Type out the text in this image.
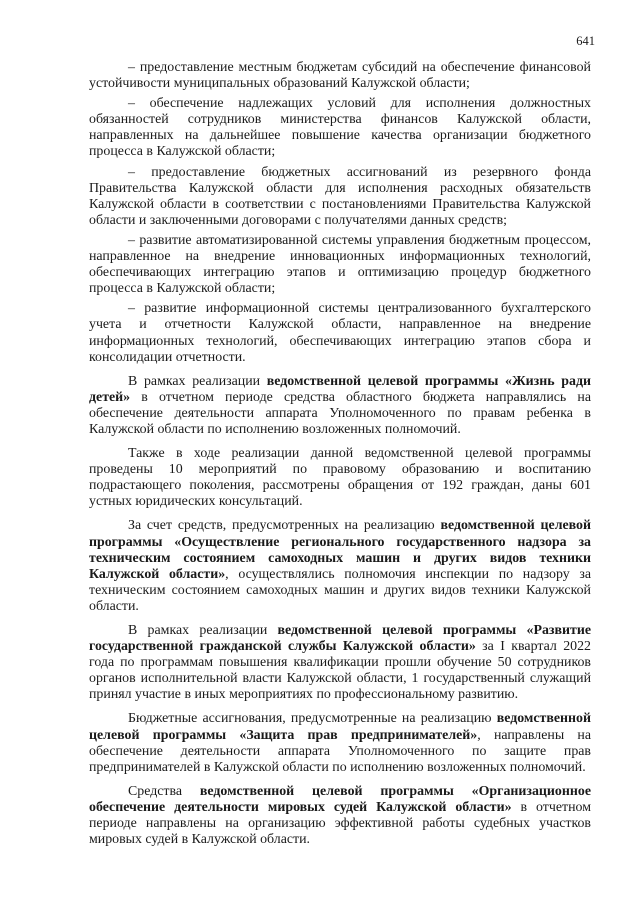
641

– предоставление местным бюджетам субсидий на обеспечение финансовой устойчивости муниципальных образований Калужской области;

– обеспечение надлежащих условий для исполнения должностных обязанностей сотрудников министерства финансов Калужской области, направленных на дальнейшее повышение качества организации бюджетного процесса в Калужской области;

– предоставление бюджетных ассигнований из резервного фонда Правительства Калужской области для исполнения расходных обязательств Калужской области в соответствии с постановлениями Правительства Калужской области и заключенными договорами с получателями данных средств;

– развитие автоматизированной системы управления бюджетным процессом, направленное на внедрение инновационных информационных технологий, обеспечивающих интеграцию этапов и оптимизацию процедур бюджетного процесса в Калужской области;

– развитие информационной системы централизованного бухгалтерского учета и отчетности Калужской области, направленное на внедрение информационных технологий, обеспечивающих интеграцию этапов сбора и консолидации отчетности.

В рамках реализации ведомственной целевой программы «Жизнь ради детей» в отчетном периоде средства областного бюджета направлялись на обеспечение деятельности аппарата Уполномоченного по правам ребенка в Калужской области по исполнению возложенных полномочий.

Также в ходе реализации данной ведомственной целевой программы проведены 10 мероприятий по правовому образованию и воспитанию подрастающего поколения, рассмотрены обращения от 192 граждан, даны 601 устных юридических консультаций.

За счет средств, предусмотренных на реализацию ведомственной целевой программы «Осуществление регионального государственного надзора за техническим состоянием самоходных машин и других видов техники Калужской области», осуществлялись полномочия инспекции по надзору за техническим состоянием самоходных машин и других видов техники Калужской области.

В рамках реализации ведомственной целевой программы «Развитие государственной гражданской службы Калужской области» за I квартал 2022 года по программам повышения квалификации прошли обучение 50 сотрудников органов исполнительной власти Калужской области, 1 государственный служащий принял участие в иных мероприятиях по профессиональному развитию.

Бюджетные ассигнования, предусмотренные на реализацию ведомственной целевой программы «Защита прав предпринимателей», направлены на обеспечение деятельности аппарата Уполномоченного по защите прав предпринимателей в Калужской области по исполнению возложенных полномочий.

Средства ведомственной целевой программы «Организационное обеспечение деятельности мировых судей Калужской области» в отчетном периоде направлены на организацию эффективной работы судебных участков мировых судей в Калужской области.
